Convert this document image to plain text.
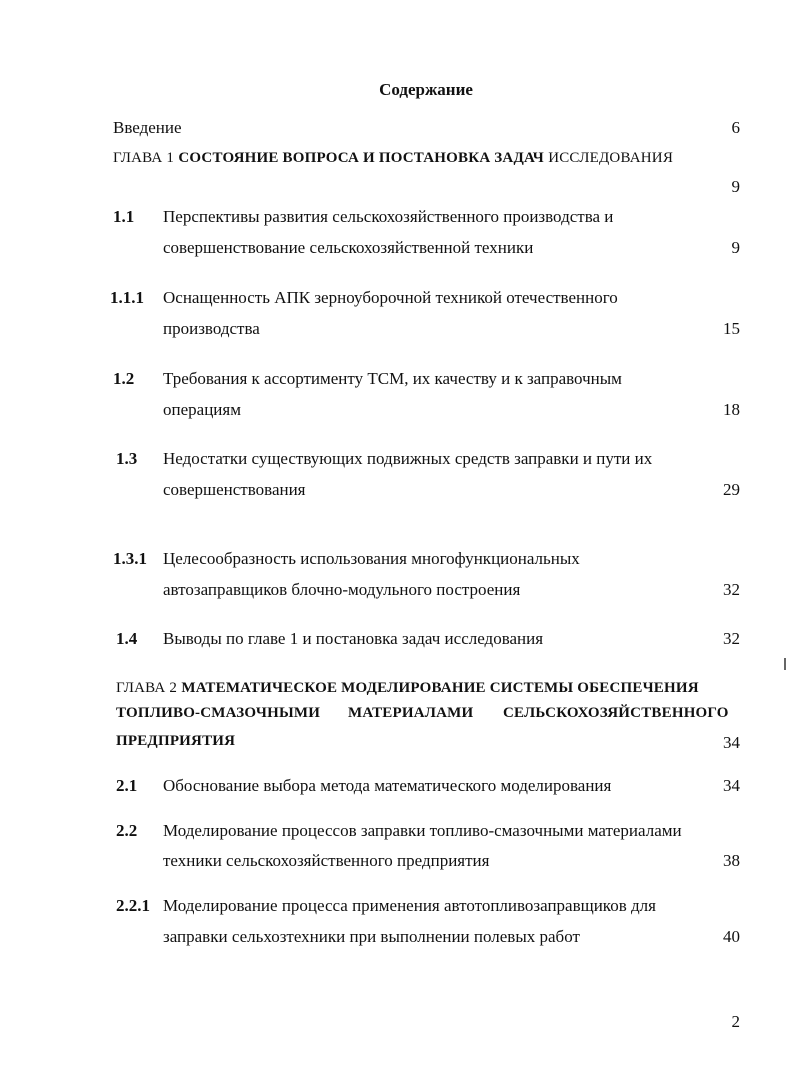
Содержание
Введение	6
ГЛАВА 1 СОСТОЯНИЕ ВОПРОСА И ПОСТАНОВКА ЗАДАЧ ИССЛЕДОВАНИЯ
9
1.1 Перспективы развития сельскохозяйственного производства и
совершенствование сельскохозяйственной техники	9
1.1.1 Оснащенность АПК зерноуборочной техникой отечественного
производства	15
1.2 Требования к ассортименту ТСМ, их качеству и к заправочным
операциям	18
1.3 Недостатки существующих подвижных средств заправки и пути их
совершенствования	29
1.3.1 Целесообразность использования многофункциональных
автозаправщиков блочно-модульного построения	32
1.4 Выводы по главе 1 и постановка задач исследования	32
ГЛАВА 2 МАТЕМАТИЧЕСКОЕ МОДЕЛИРОВАНИЕ СИСТЕМЫ ОБЕСПЕЧЕНИЯ
ТОПЛИВО-СМАЗОЧНЫМИ МАТЕРИАЛАМИ СЕЛЬСКОХОЗЯЙСТВЕННОГО
ПРЕДПРИЯТИЯ	34
2.1 Обоснование выбора метода математического моделирования	34
2.2 Моделирование процессов заправки топливо-смазочными материалами
техники сельскохозяйственного предприятия	38
2.2.1 Моделирование процесса применения автотопливозаправщиков для
заправки сельхозтехники при выполнении полевых работ	40
2
